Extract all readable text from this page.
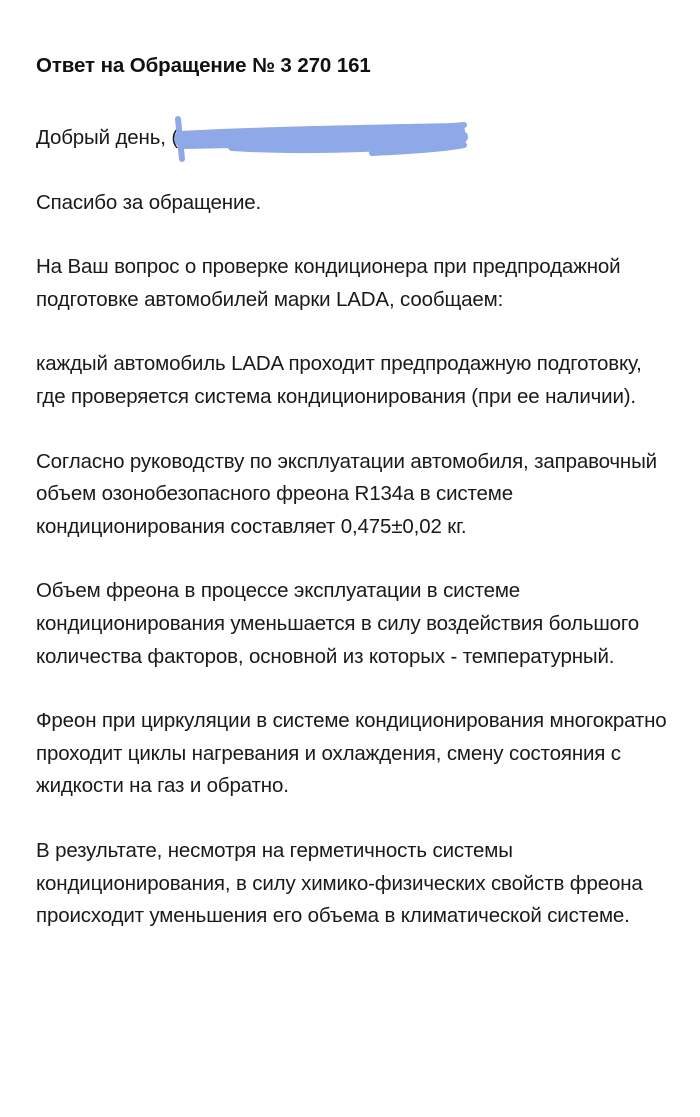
Ответ на Обращение № 3 270 161
Добрый день, (
Спасибо за обращение.
На Ваш вопрос о проверке кондиционера при предпродажной подготовке автомобилей марки LADA, сообщаем:
каждый автомобиль LADA проходит предпродажную подготовку, где проверяется система кондиционирования (при ее наличии).
Согласно руководству по эксплуатации автомобиля, заправочный объем озонобезопасного фреона R134a в системе кондиционирования составляет 0,475±0,02 кг.
Объем фреона в процессе эксплуатации в системе кондиционирования уменьшается в силу воздействия большого количества факторов, основной из которых - температурный.
Фреон при циркуляции в системе кондиционирования многократно проходит циклы нагревания и охлаждения, смену состояния с жидкости на газ и обратно.
В результате, несмотря на герметичность системы кондиционирования, в силу химико-физических свойств фреона происходит уменьшения его объема в климатической системе.
